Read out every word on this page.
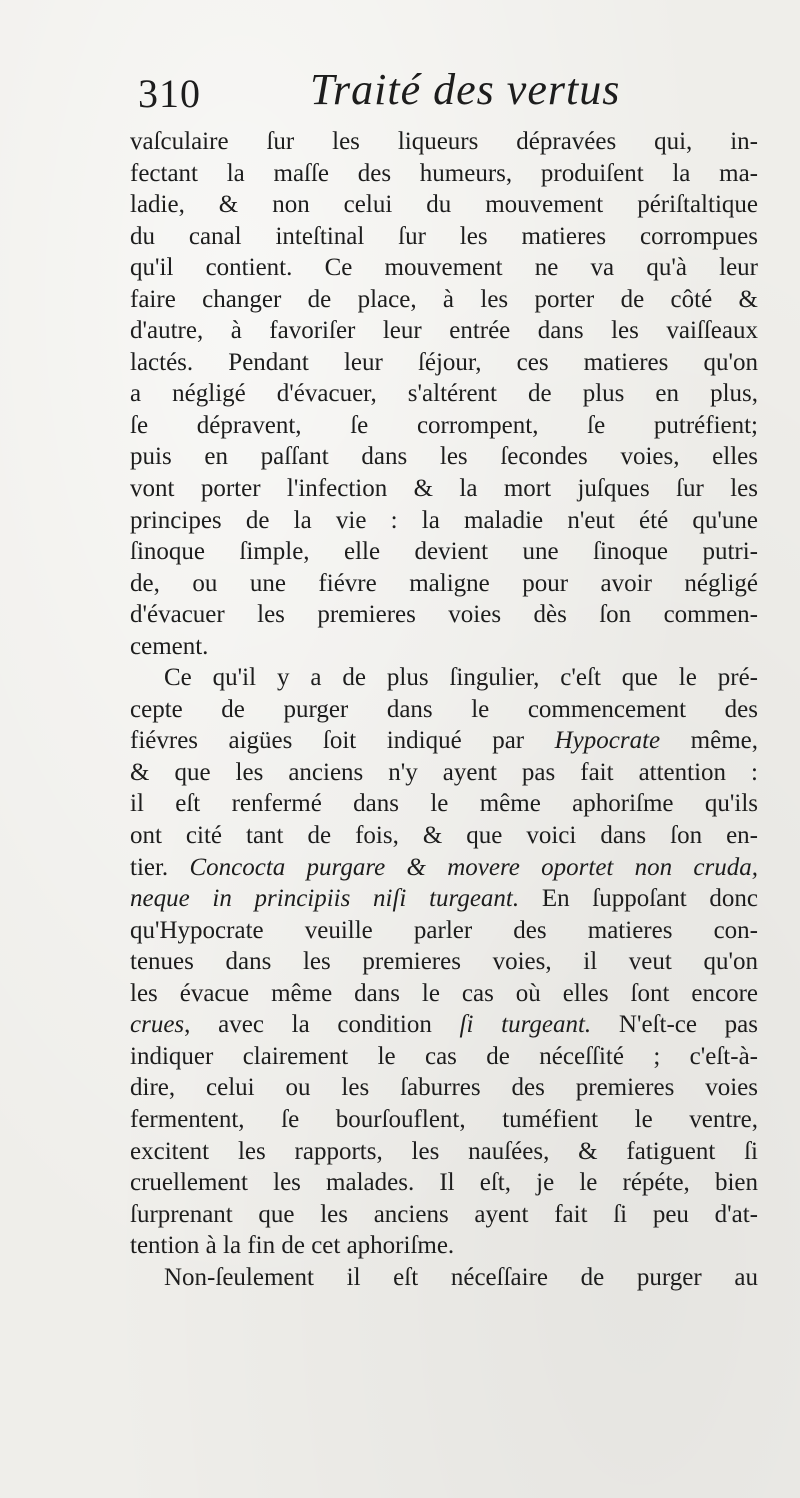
310 Traité des vertus
vaſculaire ſur les liqueurs dépravées qui, in-
fectant la maſſe des humeurs, produiſent la ma-
ladie, & non celui du mouvement périſtaltique
du canal inteſtinal ſur les matieres corrompues
qu'il contient. Ce mouvement ne va qu'à leur
faire changer de place, à les porter de côté &
d'autre, à favoriſer leur entrée dans les vaiſſeaux
lactés. Pendant leur ſéjour, ces matieres qu'on
a négligé d'évacuer, s'altérent de plus en plus,
ſe dépravent, ſe corrompent, ſe putréfient;
puis en paſſant dans les ſecondes voies, elles
vont porter l'infection & la mort juſques ſur les
principes de la vie : la maladie n'eut été qu'une
ſinoque ſimple, elle devient une ſinoque putri-
de, ou une fiévre maligne pour avoir négligé
d'évacuer les premieres voies dès ſon commen-
cement.
Ce qu'il y a de plus ſingulier, c'eſt que le pré-
cepte de purger dans le commencement des
fiévres aigües ſoit indiqué par Hypocrate même,
& que les anciens n'y ayent pas fait attention :
il eſt renfermé dans le même aphoriſme qu'ils
ont cité tant de fois, & que voici dans ſon en-
tier. Concocta purgare & movere oportet non cruda,
neque in principiis niſi turgeant. En ſuppoſant donc
qu'Hypocrate veuille parler des matieres con-
tenues dans les premieres voies, il veut qu'on
les évacue même dans le cas où elles ſont encore
crues, avec la condition ſi turgeant. N'eſt-ce pas
indiquer clairement le cas de néceſſité ; c'eſt-à-
dire, celui ou les ſaburres des premieres voies
fermentent, ſe bourſouflent, tuméfient le ventre,
excitent les rapports, les nauſées, & fatiguent ſi
cruellement les malades. Il eſt, je le répéte, bien
ſurprenant que les anciens ayent fait ſi peu d'at-
tention à la fin de cet aphoriſme.
Non-ſeulement il eſt néceſſaire de purger au
